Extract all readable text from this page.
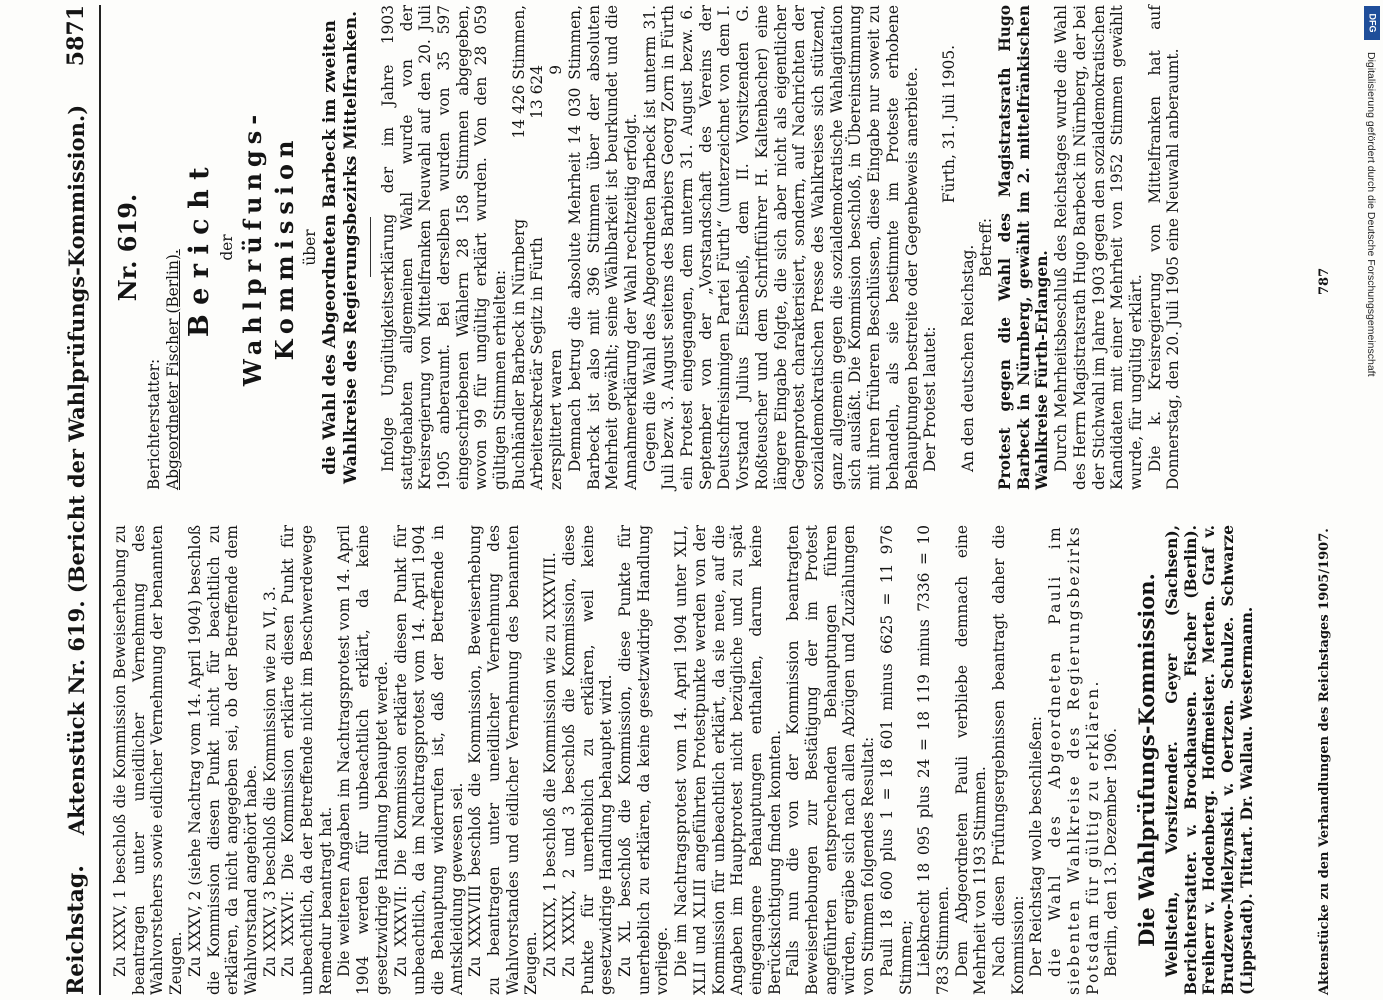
Reichstag.
Aktenstück Nr. 619. (Bericht der Wahlprüfungs-Kommission.)
5871

Zu XXXV, 1 beschloß die Kommission Beweiserhebung zu beantragen unter uneidlicher Vernehmung des Wahlvorstehers sowie eidlicher Vernehmung der benannten Zeugen. Zu XXXV, 2 (siehe Nachtrag vom 14. April 1904) beschloß die Kommission diesen Punkt nicht für beachtlich zu erklären, da nicht angegeben sei, ob der Betreffende dem Wahlvorstand angehört habe. Zu XXXV, 3 beschloß die Kommission wie zu VI, 3. Zu XXXVI: Die Kommission erklärte diesen Punkt für unbeachtlich, da der Betreffende nicht im Beschwerdewege Remedur beantragt hat. Die weiteren Angaben im Nachtragsprotest vom 14. April 1904 werden für unbeachtlich erklärt, da keine gesetzwidrige Handlung behauptet werde. Zu XXXVII: Die Kommission erklärte diesen Punkt für unbeachtlich, da im Nachtragsprotest vom 14. April 1904 die Behauptung widerrufen ist, daß der Betreffende in Amtskleidung gewesen sei. Zu XXXVIII beschloß die Kommission, Beweiserhebung zu beantragen unter uneidlicher Vernehmung des Wahlvorstandes und eidlicher Vernehmung des benannten Zeugen. Zu XXXIX, 1 beschloß die Kommission wie zu XXXVIII. Zu XXXIX, 2 und 3 beschloß die Kommission, diese Punkte für unerheblich zu erklären, weil keine gesetzwidrige Handlung behauptet wird. Zu XL beschloß die Kommission, diese Punkte für unerheblich zu erklären, da keine gesetzwidrige Handlung vorliege. Die im Nachtragsprotest vom 14. April 1904 unter XLI, XLII und XLIII angeführten Protestpunkte werden von der Kommission für unbeachtlich erklärt, da sie neue, auf die Angaben im Hauptprotest nicht bezügliche und zu spät eingegangene Behauptungen enthalten, darum keine Berücksichtigung finden konnten. Falls nun die von der Kommission beantragten Beweiserhebungen zur Bestätigung der im Protest angeführten entsprechenden Behauptungen führen würden, ergäbe sich nach allen Abzügen und Zuzählungen von Stimmen folgendes Resultat: Pauli 18 600 plus 1 = 18 601 minus 6625 = 11 976 Stimmen; Liebknecht 18 095 plus 24 = 18 119 minus 7336 = 10 783 Stimmen. Dem Abgeordneten Pauli verbliebe demnach eine Mehrheit von 1193 Stimmen. Nach diesen Prüfungsergebnissen beantragt daher die Kommission: Der Reichstag wolle beschließen: die Wahl des Abgeordneten Pauli im siebenten Wahlkreise des Regierungsbezirks Potsdam für gültig zu erklären. Berlin, den 13. Dezember 1906. Die Wahlprüfungs-Kommission. Wellstein, Vorsitzender. Geyer (Sachsen), Berichterstatter. v. Brockhausen. Fischer (Berlin). Freiherr v. Hodenberg. Hoffmeister. Merten. Graf v. Brudzewo-Mielzynski. v. Oertzen. Schulze. Schwarze (Lippstadt). Tittart. Dr. Wallau. Westermann.

Nr. 619.

Berichterstatter: Abgeordneter Fischer (Berlin).

Bericht der Wahlprüfungs-Kommission über die Wahl des Abgeordneten Barbeck im zweiten Wahlkreise des Regierungsbezirks Mittelfranken. Infolge Ungültigkeitserklärung der im Jahre 1903 stattgehabten allgemeinen Wahl wurde von der Kreisregierung von Mittelfranken Neuwahl auf den 20. Juli 1905 anberaumt. Bei derselben wurden von 35 597 eingeschriebenen Wählern 28 158 Stimmen abgegeben, wovon 99 für ungültig erklärt wurden. Von den 28 059 gültigen Stimmen erhielten: Buchhändler Barbeck in Nürnberg
14 426 Stimmen,
Arbeitersekretär Segitz in Fürth
13 624
zersplittert waren
9 Demnach betrug die absolute Mehrheit 14 030 Stimmen, Barbeck ist also mit 396 Stimmen über der absoluten Mehrheit gewählt; seine Wählbarkeit ist beurkundet und die Annahmeerklärung der Wahl rechtzeitig erfolgt. Gegen die Wahl des Abgeordneten Barbeck ist unterm 31. Juli bezw. 3. August seitens des Barbiers Georg Zorn in Fürth ein Protest eingegangen, dem unterm 31. August bezw. 6. September von der „Vorstandschaft des Vereins der Deutschfreisinnigen Partei Fürth“ (unterzeichnet von dem I. Vorstand Julius Eisenbeiß, dem II. Vorsitzenden G. Roßteuscher und dem Schriftführer H. Kaltenbacher) eine längere Eingabe folgte, die sich aber nicht als eigentlicher Gegenprotest charakterisiert, sondern, auf Nachrichten der sozialdemokratischen Presse des Wahlkreises sich stützend, ganz allgemein gegen die sozialdemokratische Wahlagitation sich ausläßt. Die Kommission beschloß, in Übereinstimmung mit ihren früheren Beschlüssen, diese Eingabe nur soweit zu behandeln, als sie bestimmte im Proteste erhobene Behauptungen bestreite oder Gegenbeweis anerbiete. Der Protest lautet:

Fürth, 31. Juli 1905.

An den deutschen Reichstag. Betreff: Protest gegen die Wahl des Magistratsrath Hugo Barbeck in Nürnberg, gewählt im 2. mittelfränkischen Wahlkreise Fürth-Erlangen. Durch Mehrheitsbeschluß des Reichstages wurde die Wahl des Herrn Magistratsrath Hugo Barbeck in Nürnberg, der bei der Stichwahl im Jahre 1903 gegen den sozialdemokratischen Kandidaten mit einer Mehrheit von 1952 Stimmen gewählt wurde, für ungültig erklärt. Die k. Kreisregierung von Mittelfranken hat auf Donnerstag, den 20. Juli 1905 eine Neuwahl anberaumt.

Aktenstücke zu den Verhandlungen des Reichstages 1905/1907.
787
DFG
Digitalisierung gefördert durch die Deutsche Forschungsgemeinschaft
